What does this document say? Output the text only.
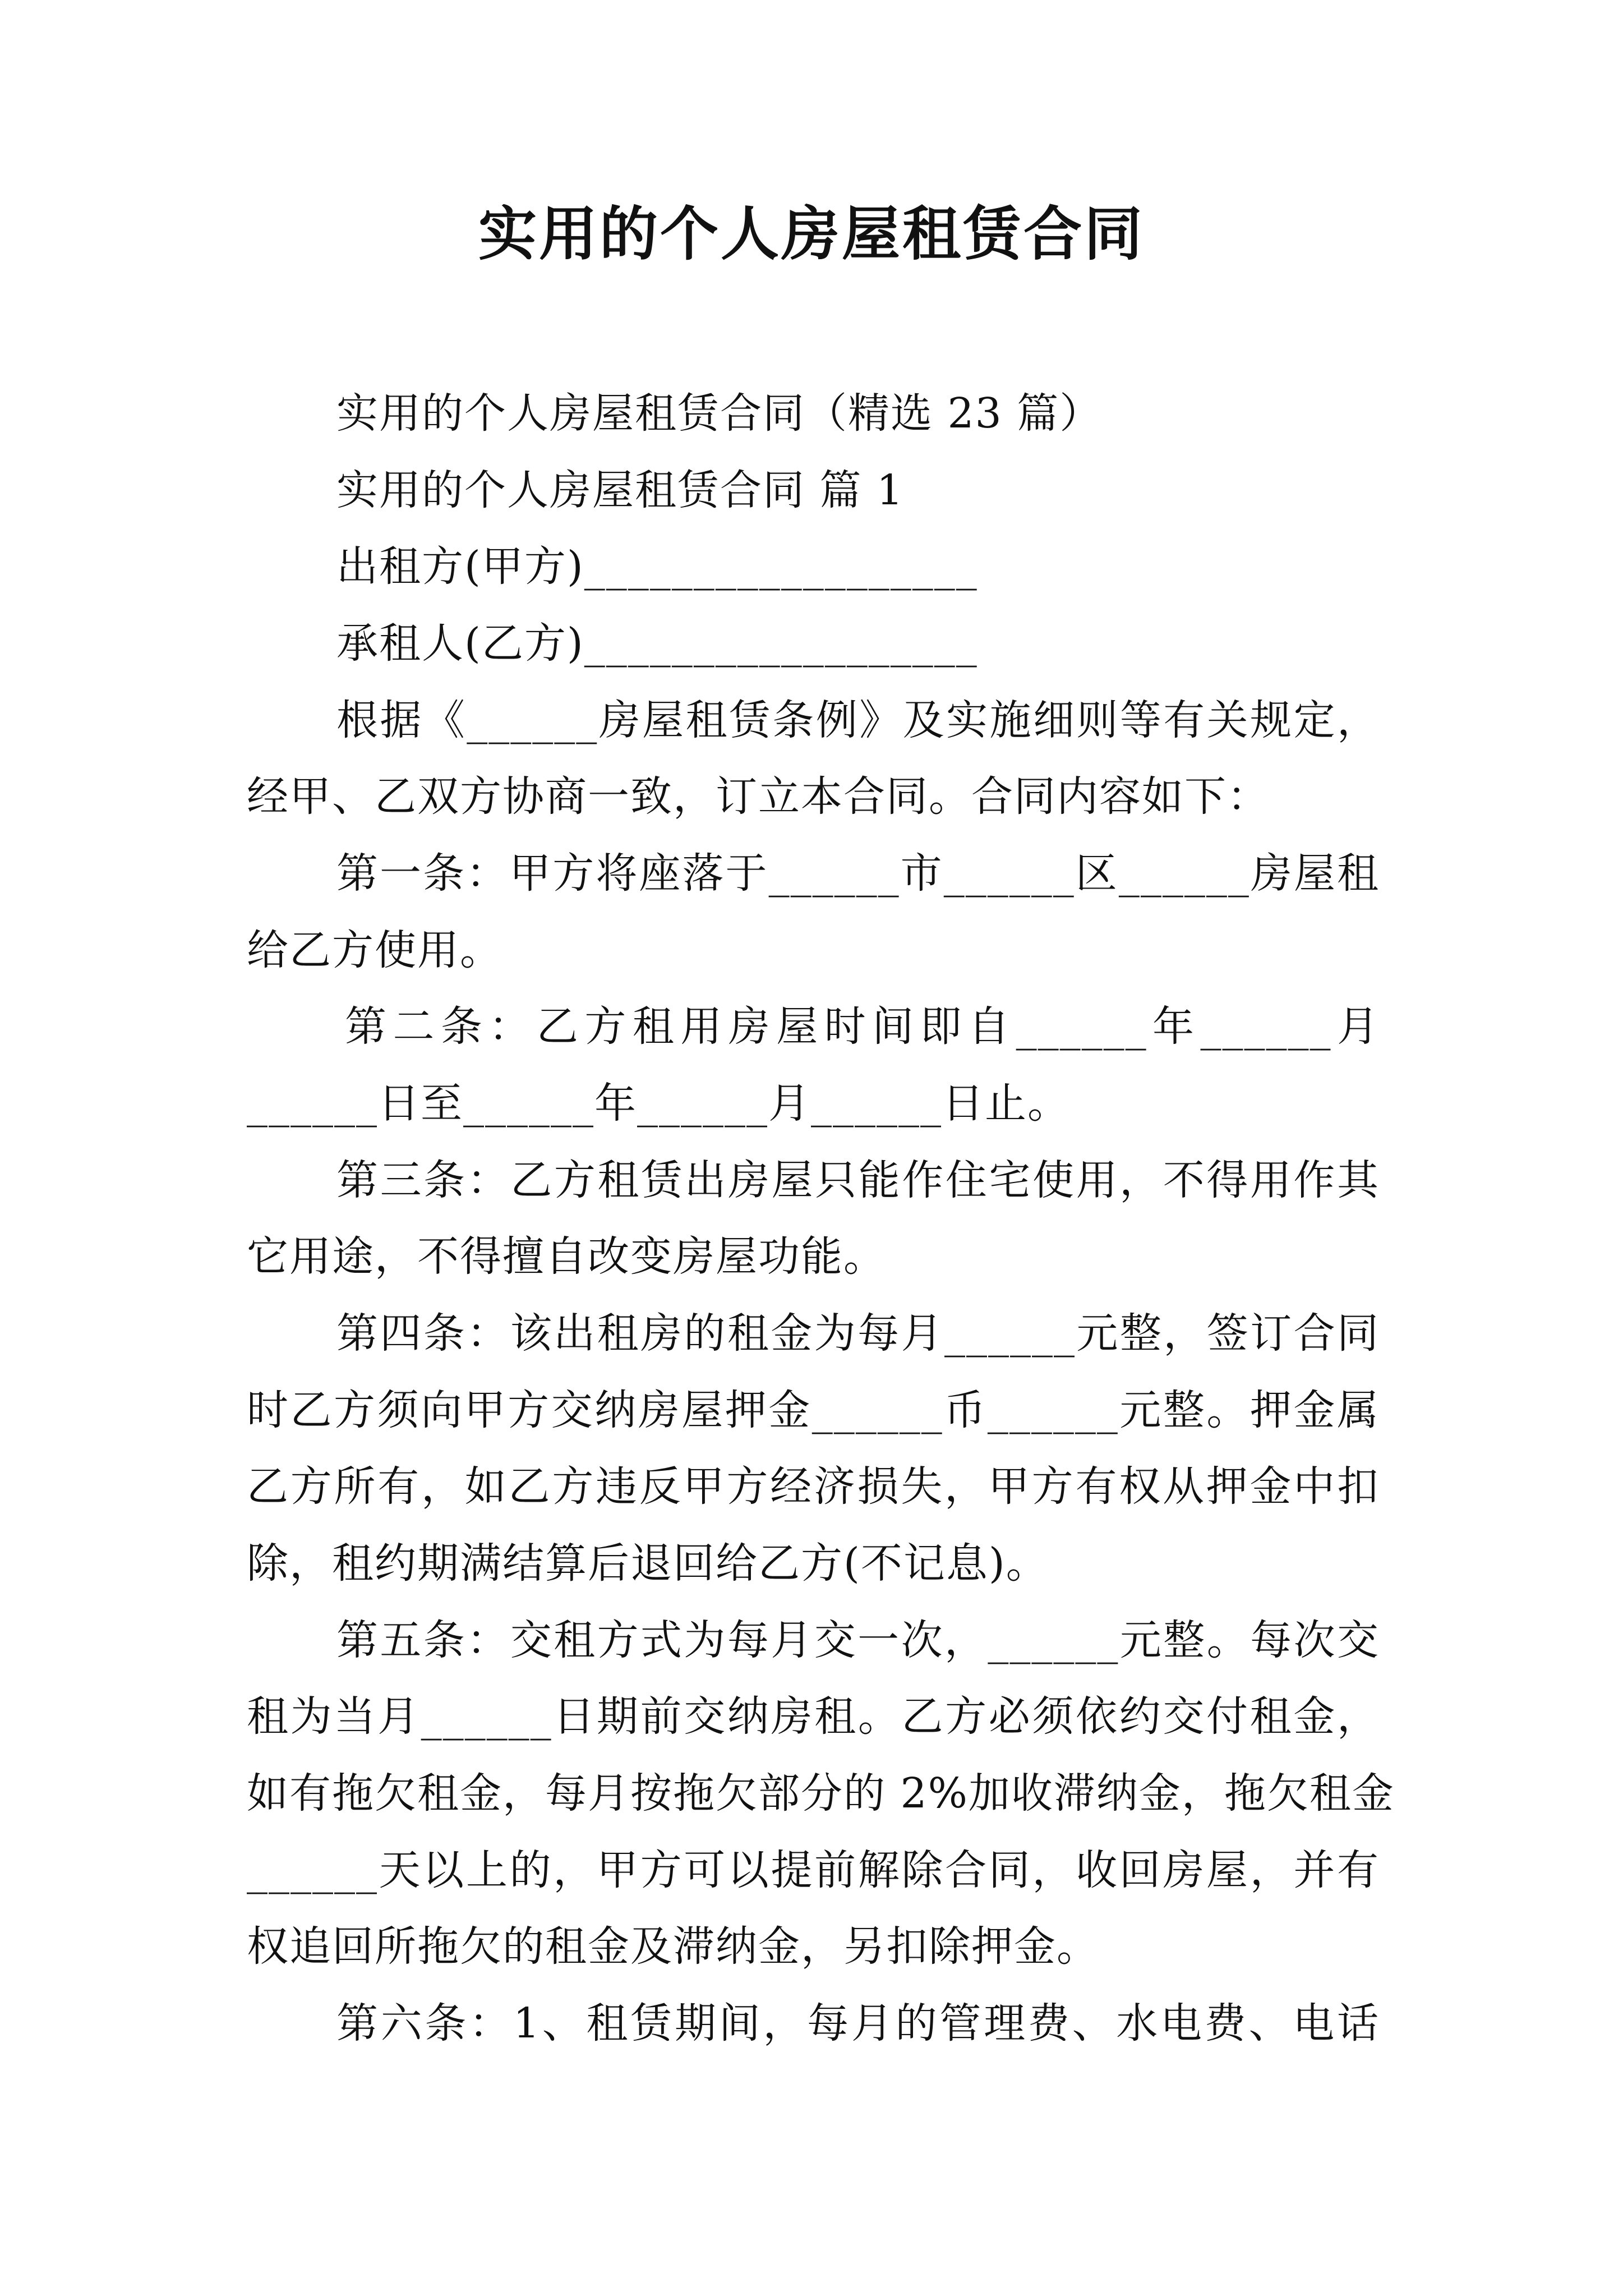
实用的个人房屋租赁合同
实用的个人房屋租赁合同（精选 23 篇）
实用的个人房屋租赁合同 篇 1
出租方(甲方)__________________
承租人(乙方)__________________
根据《______房屋租赁条例》及实施细则等有关规定，
经甲、乙双方协商一致，订立本合同。合同内容如下：
第一条：甲方将座落于______市______区______房屋租
给乙方使用。
第二条：乙方租用房屋时间即自______年______月
______日至______年______月______日止。
第三条：乙方租赁出房屋只能作住宅使用，不得用作其
它用途，不得擅自改变房屋功能。
第四条：该出租房的租金为每月______元整，签订合同
时乙方须向甲方交纳房屋押金______币______元整。押金属
乙方所有，如乙方违反甲方经济损失，甲方有权从押金中扣
除，租约期满结算后退回给乙方(不记息)。
第五条：交租方式为每月交一次，______元整。每次交
租为当月______日期前交纳房租。乙方必须依约交付租金，
如有拖欠租金，每月按拖欠部分的 2%加收滞纳金，拖欠租金
______天以上的，甲方可以提前解除合同，收回房屋，并有
权追回所拖欠的租金及滞纳金，另扣除押金。
第六条：1、租赁期间，每月的管理费、水电费、电话
